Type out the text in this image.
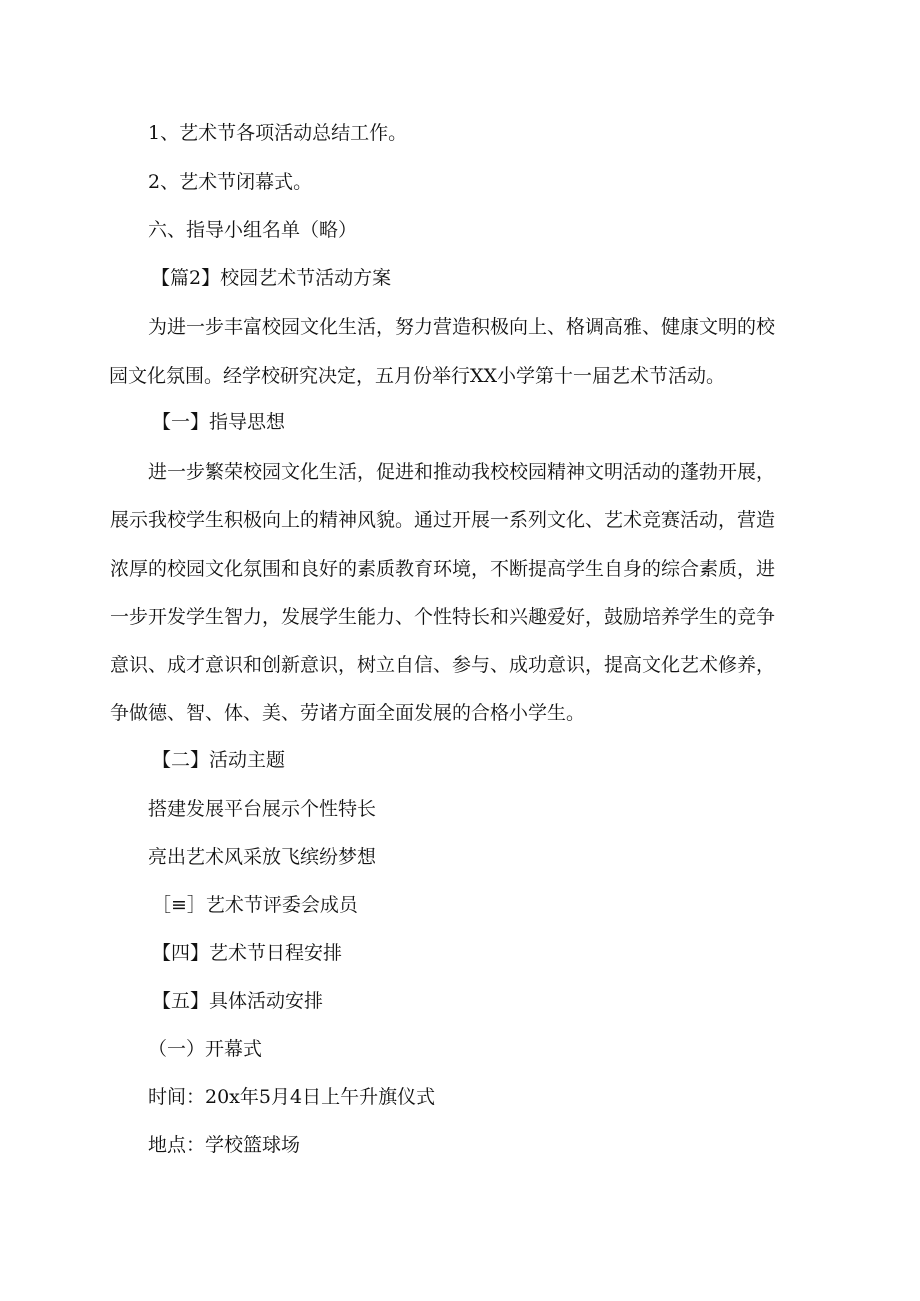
1、艺术节各项活动总结工作。

2、艺术节闭幕式。

六、指导小组名单（略）

【篇2】校园艺术节活动方案

为进一步丰富校园文化生活，努力营造积极向上、格调高雅、健康文明的校

园文化氛围。经学校研究决定，五月份举行XX小学第十一届艺术节活动。

【一】指导思想

进一步繁荣校园文化生活，促进和推动我校校园精神文明活动的蓬勃开展，

展示我校学生积极向上的精神风貌。通过开展一系列文化、艺术竞赛活动，营造

浓厚的校园文化氛围和良好的素质教育环境，不断提高学生自身的综合素质，进

一步开发学生智力，发展学生能力、个性特长和兴趣爱好，鼓励培养学生的竞争

意识、成才意识和创新意识，树立自信、参与、成功意识，提高文化艺术修养，

争做德、智、体、美、劳诸方面全面发展的合格小学生。

【二】活动主题

搭建发展平台展示个性特长

亮出艺术风采放飞缤纷梦想

［≡］艺术节评委会成员

【四】艺术节日程安排

【五】具体活动安排

（一）开幕式

时间：20x年5月4日上午升旗仪式

地点：学校篮球场
